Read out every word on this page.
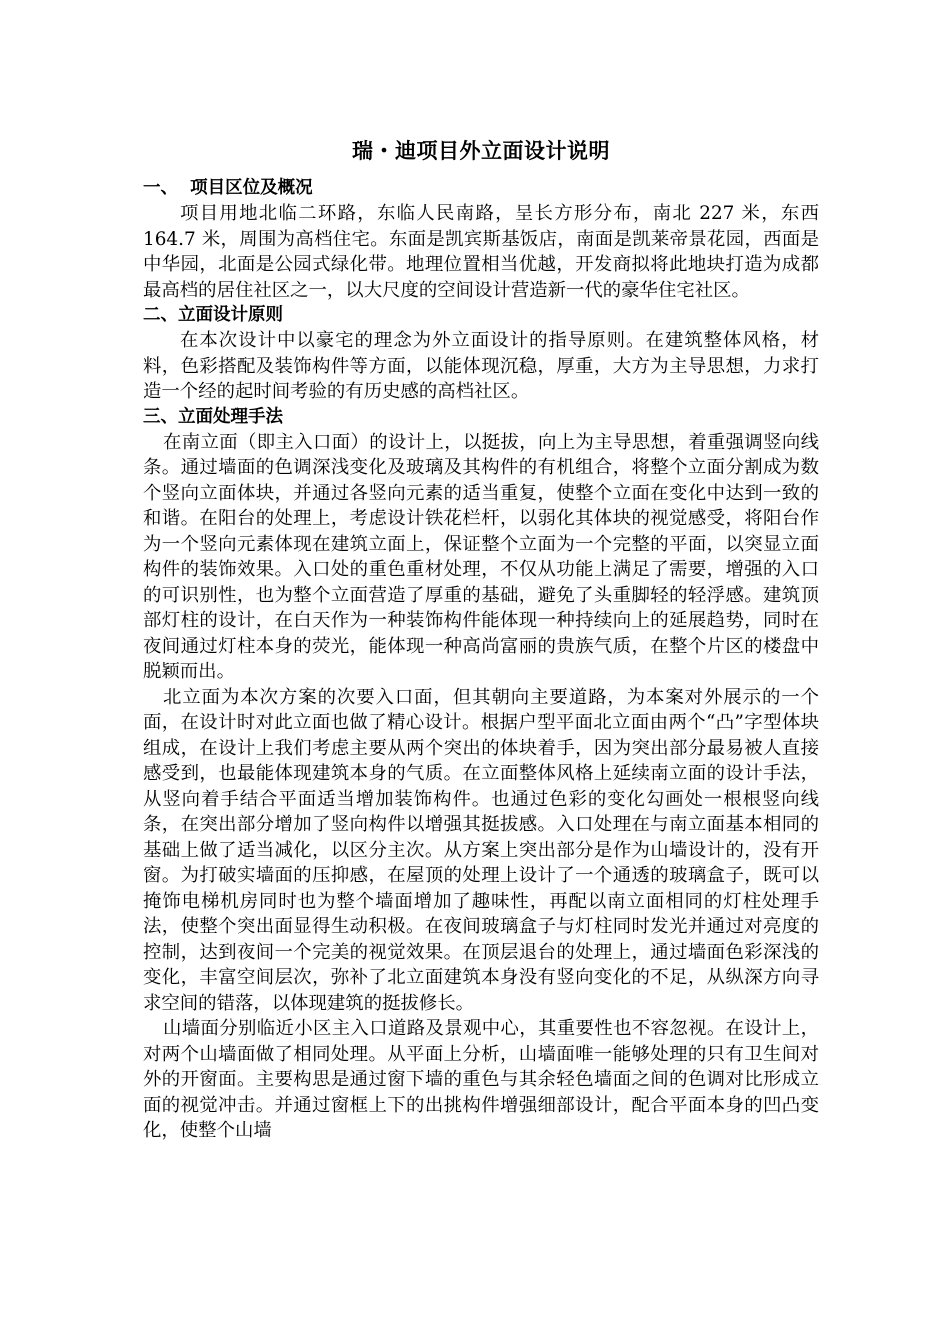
瑞・迪项目外立面设计说明
一、  项目区位及概况

项目用地北临二环路，东临人民南路，呈长方形分布，南北 227 米，东西 164.7 米，周围为高档住宅。东面是凯宾斯基饭店，南面是凯莱帝景花园，西面是中华园，北面是公园式绿化带。地理位置相当优越，开发商拟将此地块打造为成都最高档的居住社区之一，以大尺度的空间设计营造新一代的豪华住宅社区。

二、立面设计原则

在本次设计中以豪宅的理念为外立面设计的指导原则。在建筑整体风格，材料，色彩搭配及装饰构件等方面，以能体现沉稳，厚重，大方为主导思想，力求打造一个经的起时间考验的有历史感的高档社区。

三、立面处理手法

在南立面（即主入口面）的设计上，以挺拔，向上为主导思想，着重强调竖向线条。通过墙面的色调深浅变化及玻璃及其构件的有机组合，将整个立面分割成为数个竖向立面体块，并通过各竖向元素的适当重复，使整个立面在变化中达到一致的和谐。在阳台的处理上，考虑设计铁花栏杆，以弱化其体块的视觉感受，将阳台作为一个竖向元素体现在建筑立面上，保证整个立面为一个完整的平面，以突显立面构件的装饰效果。入口处的重色重材处理，不仅从功能上满足了需要，增强的入口的可识别性，也为整个立面营造了厚重的基础，避免了头重脚轻的轻浮感。建筑顶部灯柱的设计，在白天作为一种装饰构件能体现一种持续向上的延展趋势，同时在夜间通过灯柱本身的荧光，能体现一种高尚富丽的贵族气质，在整个片区的楼盘中脱颖而出。

北立面为本次方案的次要入口面，但其朝向主要道路，为本案对外展示的一个面，在设计时对此立面也做了精心设计。根据户型平面北立面由两个“凸”字型体块组成，在设计上我们考虑主要从两个突出的体块着手，因为突出部分最易被人直接感受到，也最能体现建筑本身的气质。在立面整体风格上延续南立面的设计手法，从竖向着手结合平面适当增加装饰构件。也通过色彩的变化勾画处一根根竖向线条，在突出部分增加了竖向构件以增强其挺拔感。入口处理在与南立面基本相同的基础上做了适当减化，以区分主次。从方案上突出部分是作为山墙设计的，没有开窗。为打破实墙面的压抑感，在屋顶的处理上设计了一个通透的玻璃盒子，既可以掩饰电梯机房同时也为整个墙面增加了趣味性，再配以南立面相同的灯柱处理手法，使整个突出面显得生动积极。在夜间玻璃盒子与灯柱同时发光并通过对亮度的控制，达到夜间一个完美的视觉效果。在顶层退台的处理上，通过墙面色彩深浅的变化，丰富空间层次，弥补了北立面建筑本身没有竖向变化的不足，从纵深方向寻求空间的错落，以体现建筑的挺拔修长。

山墙面分别临近小区主入口道路及景观中心，其重要性也不容忽视。在设计上，对两个山墙面做了相同处理。从平面上分析，山墙面唯一能够处理的只有卫生间对外的开窗面。主要构思是通过窗下墙的重色与其余轻色墙面之间的色调对比形成立面的视觉冲击。并通过窗框上下的出挑构件增强细部设计，配合平面本身的凹凸变化，使整个山墙
